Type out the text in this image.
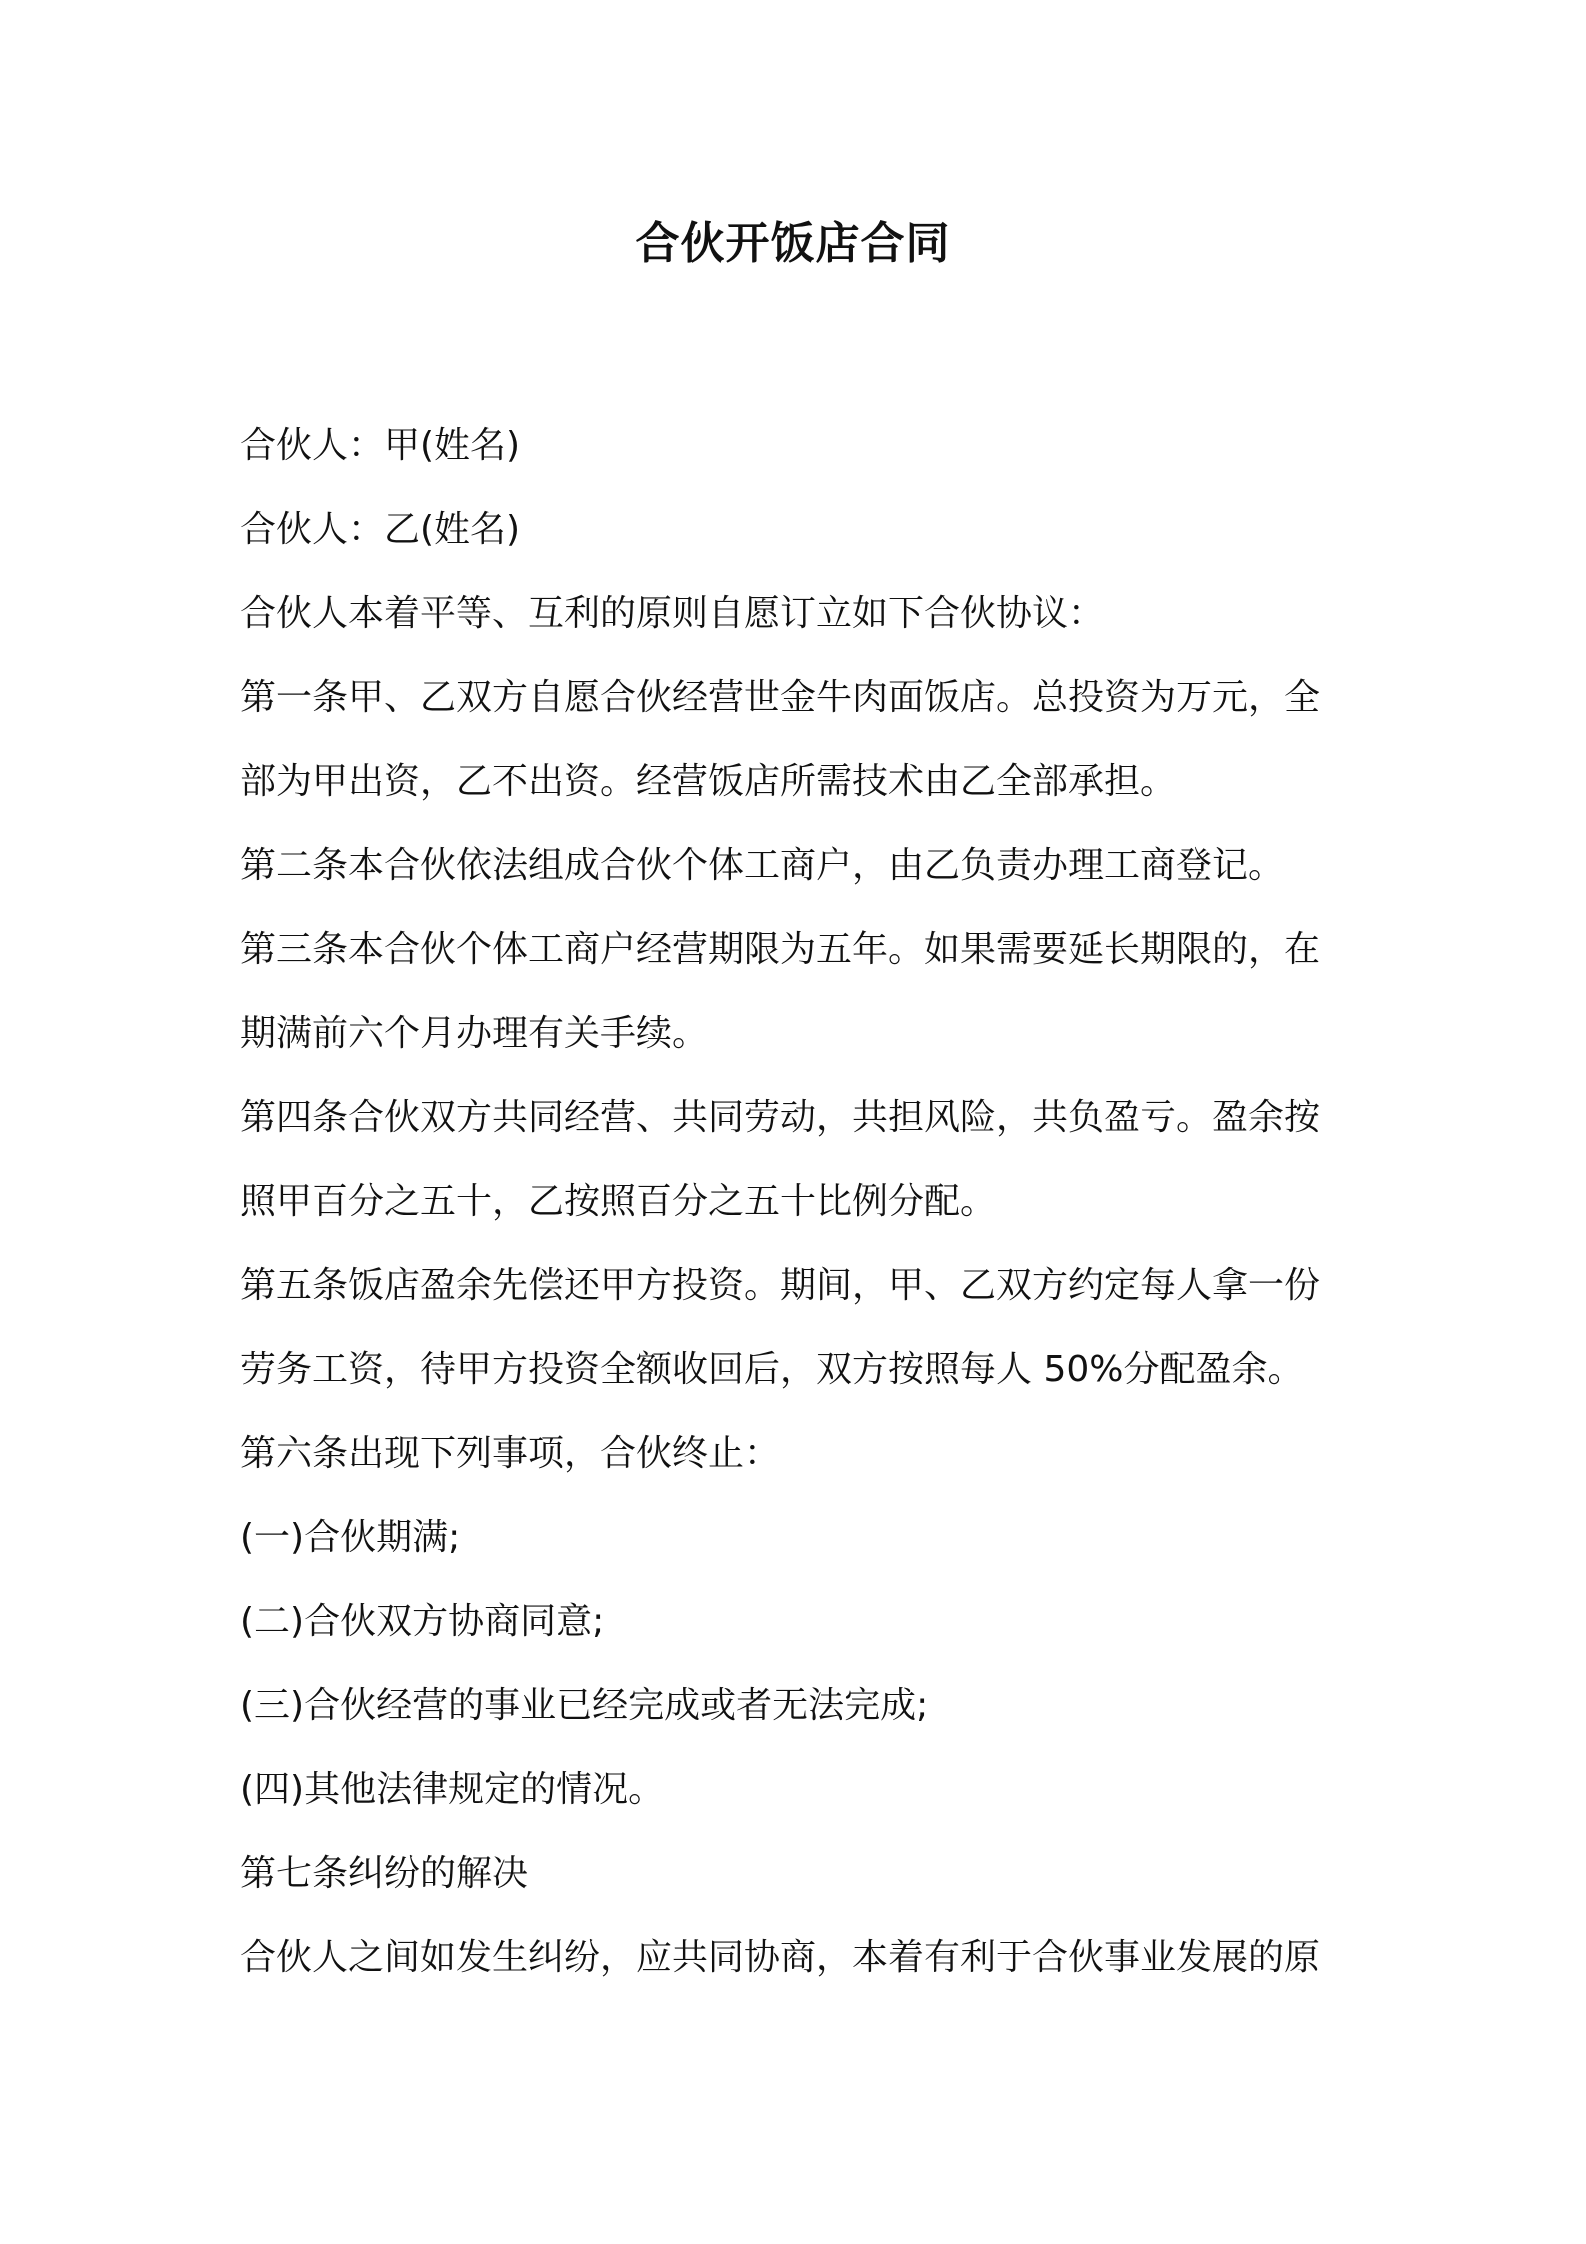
合伙开饭店合同

合伙人：甲(姓名)

合伙人：乙(姓名)

合伙人本着平等、互利的原则自愿订立如下合伙协议：

第一条甲、乙双方自愿合伙经营世金牛肉面饭店。总投资为万元，全

部为甲出资，乙不出资。经营饭店所需技术由乙全部承担。

第二条本合伙依法组成合伙个体工商户，由乙负责办理工商登记。

第三条本合伙个体工商户经营期限为五年。如果需要延长期限的，在

期满前六个月办理有关手续。

第四条合伙双方共同经营、共同劳动，共担风险，共负盈亏。盈余按

照甲百分之五十，乙按照百分之五十比例分配。

第五条饭店盈余先偿还甲方投资。期间，甲、乙双方约定每人拿一份

劳务工资，待甲方投资全额收回后，双方按照每人 50%分配盈余。

第六条出现下列事项，合伙终止：

(一)合伙期满;

(二)合伙双方协商同意;

(三)合伙经营的事业已经完成或者无法完成;

(四)其他法律规定的情况。

第七条纠纷的解决

合伙人之间如发生纠纷，应共同协商，本着有利于合伙事业发展的原
